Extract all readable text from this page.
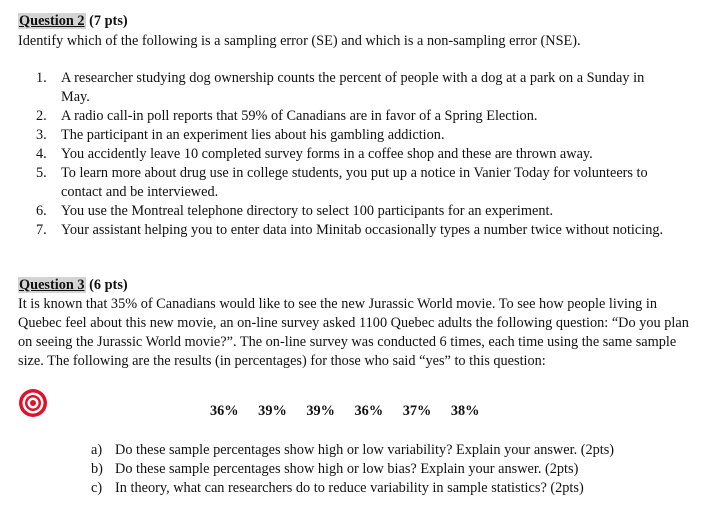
Question 2 (7 pts)
Identify which of the following is a sampling error (SE) and which is a non-sampling error (NSE).
1. A researcher studying dog ownership counts the percent of people with a dog at a park on a Sunday in May.
2. A radio call-in poll reports that 59% of Canadians are in favor of a Spring Election.
3. The participant in an experiment lies about his gambling addiction.
4. You accidently leave 10 completed survey forms in a coffee shop and these are thrown away.
5. To learn more about drug use in college students, you put up a notice in Vanier Today for volunteers to contact and be interviewed.
6. You use the Montreal telephone directory to select 100 participants for an experiment.
7. Your assistant helping you to enter data into Minitab occasionally types a number twice without noticing.
Question 3 (6 pts)
It is known that 35% of Canadians would like to see the new Jurassic World movie. To see how people living in Quebec feel about this new movie, an on-line survey asked 1100 Quebec adults the following question: “Do you plan on seeing the Jurassic World movie?”. The on-line survey was conducted 6 times, each time using the same sample size. The following are the results (in percentages) for those who said “yes” to this question:
36% 39% 39% 36% 37% 38%
a) Do these sample percentages show high or low variability? Explain your answer. (2pts)
b) Do these sample percentages show high or low bias? Explain your answer. (2pts)
c) In theory, what can researchers do to reduce variability in sample statistics? (2pts)
